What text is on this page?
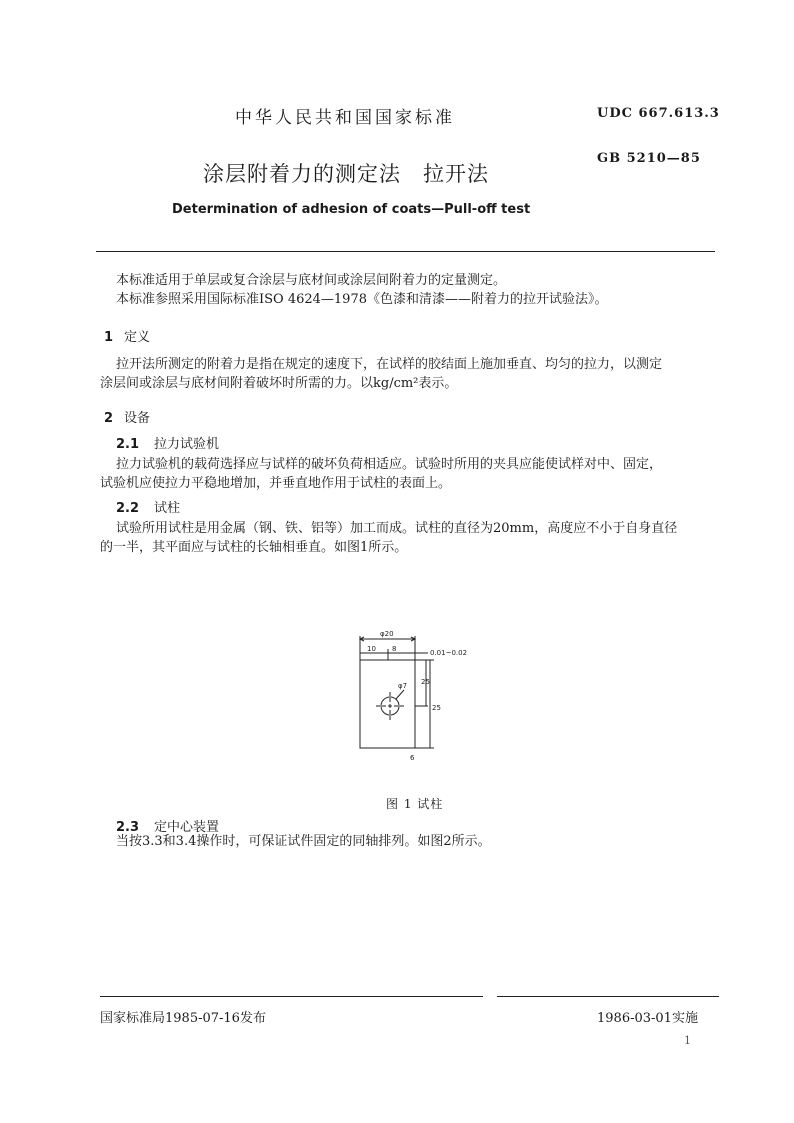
中华人民共和国国家标准	UDC 667.613.3
GB 5210—85
涂层附着力的测定法 拉开法
Determination of adhesion of coats—Pull-off test
本标准适用于单层或复合涂层与底材间或涂层间附着力的定量测定。
本标准参照采用国际标准ISO 4624—1978《色漆和清漆——附着力的拉开试验法》。
1 定义
拉开法所测定的附着力是指在规定的速度下，在试样的胶结面上施加垂直、均匀的拉力，以测定
涂层间或涂层与底材间附着破坏时所需的力。以kg/cm²表示。
2 设备
2.1 拉力试验机
拉力试验机的载荷选择应与试样的破坏负荷相适应。试验时所用的夹具应能使试样对中、固定，
试验机应使拉力平稳地增加，并垂直地作用于试柱的表面上。
2.2 试柱
试验所用试柱是用金属（钢、铁、铝等）加工而成。试柱的直径为20mm，高度应不小于自身直径
的一半，其平面应与试柱的长轴相垂直。如图1所示。
φ20
10 8	0.01~0.02
φ7 25
25
6
图 1 试柱
2.3 定中心装置
当按3.3和3.4操作时，可保证试件固定的同轴排列。如图2所示。
国家标准局1985-07-16发布	1986-03-01实施
1
